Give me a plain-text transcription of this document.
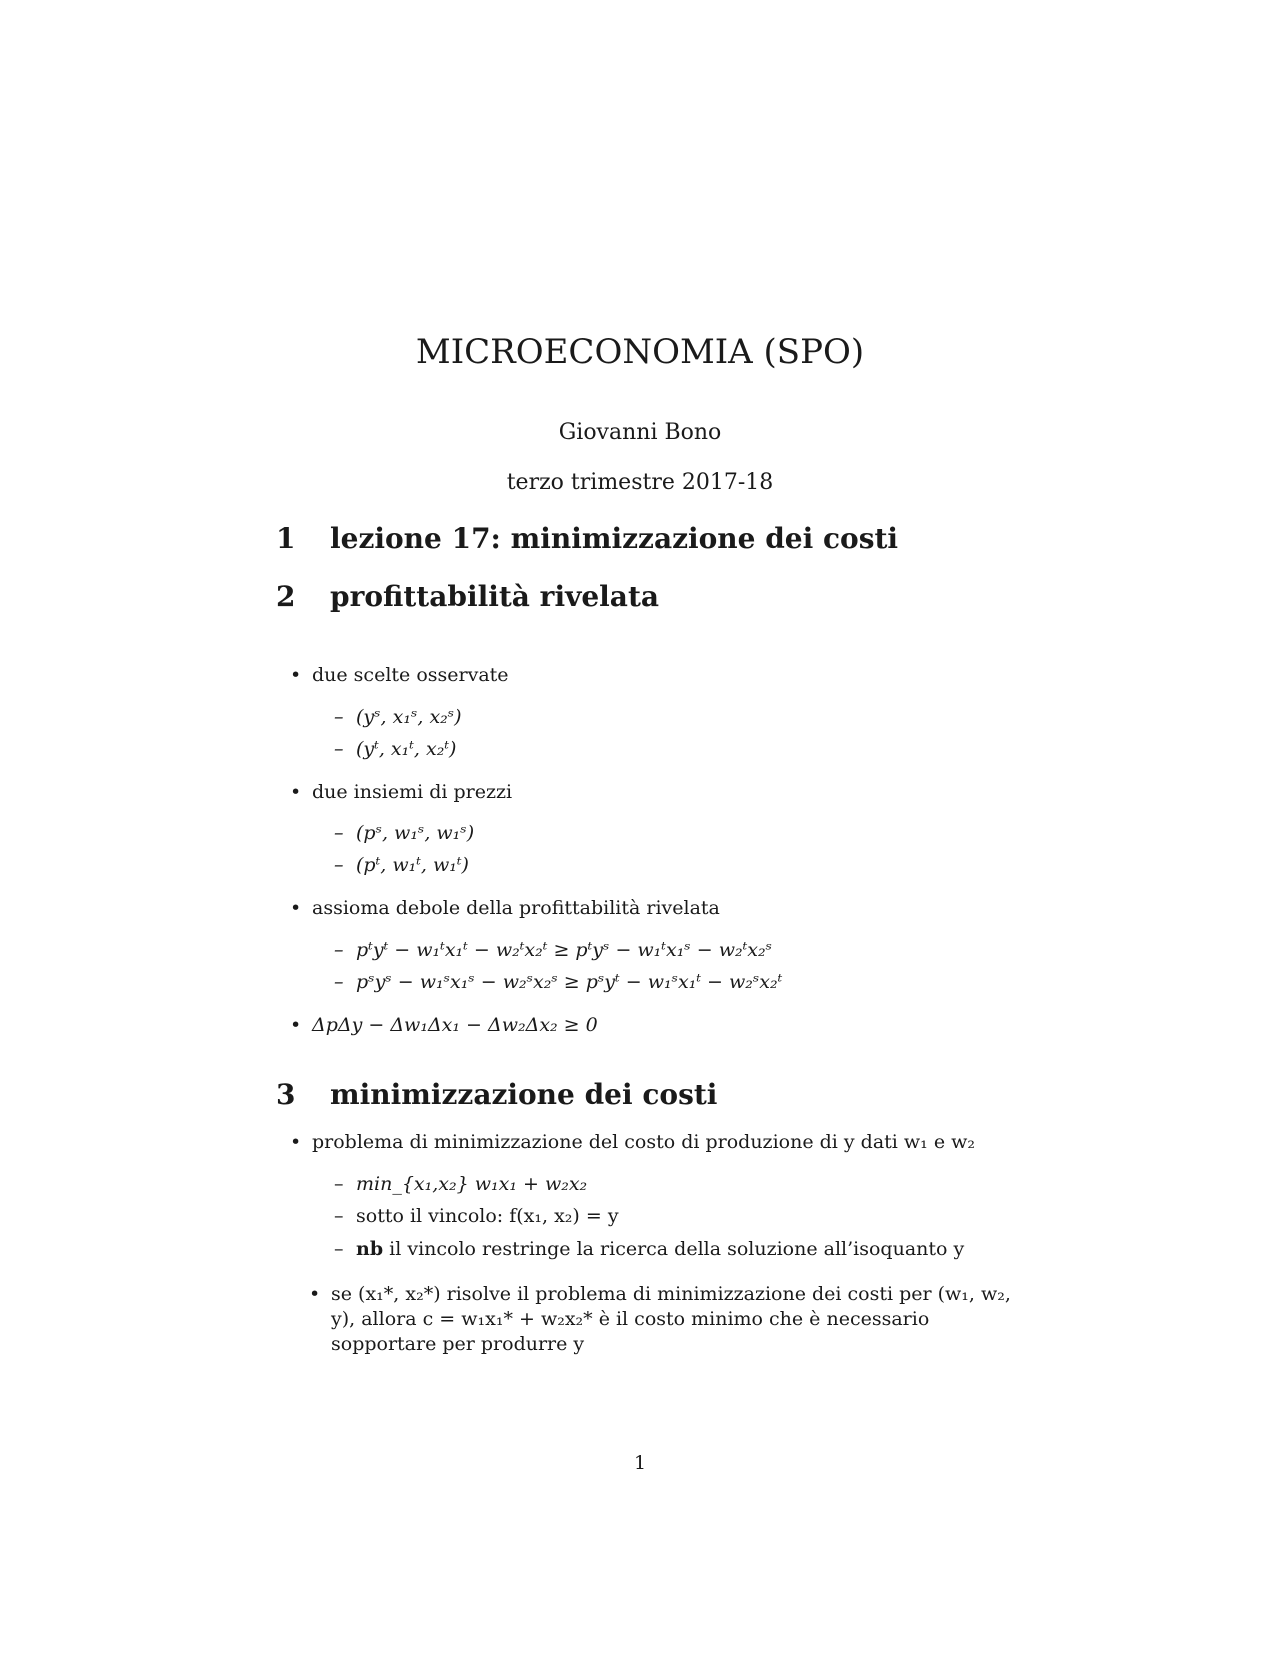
MICROECONOMIA (SPO)
Giovanni Bono
terzo trimestre 2017-18
1 lezione 17: minimizzazione dei costi
2 profittabilità rivelata
• due scelte osservate
– (yˢ, x₁ˢ, x₂ˢ)
– (yᵗ, x₁ᵗ, x₂ᵗ)
• due insiemi di prezzi
– (pˢ, w₁ˢ, w₁ˢ)
– (pᵗ, w₁ᵗ, w₁ᵗ)
• assioma debole della profittabilità rivelata
– pᵗyᵗ − w₁ᵗx₁ᵗ − w₂ᵗx₂ᵗ ≥ pᵗyˢ − w₁ᵗx₁ˢ − w₂ᵗx₂ˢ
– pˢyˢ − w₁ˢx₁ˢ − w₂ˢx₂ˢ ≥ pˢyᵗ − w₁ˢx₁ᵗ − w₂ˢx₂ᵗ
• ΔpΔy − Δw₁Δx₁ − Δw₂Δx₂ ≥ 0
3 minimizzazione dei costi
• problema di minimizzazione del costo di produzione di y dati w₁ e w₂
– min_{x₁,x₂} w₁x₁ + w₂x₂
– sotto il vincolo: f(x₁, x₂) = y
– nb il vincolo restringe la ricerca della soluzione all’isoquanto y
• se (x₁*, x₂*) risolve il problema di minimizzazione dei costi per (w₁, w₂, y), allora c = w₁x₁* + w₂x₂* è il costo minimo che è necessario sopportare per produrre y
1
